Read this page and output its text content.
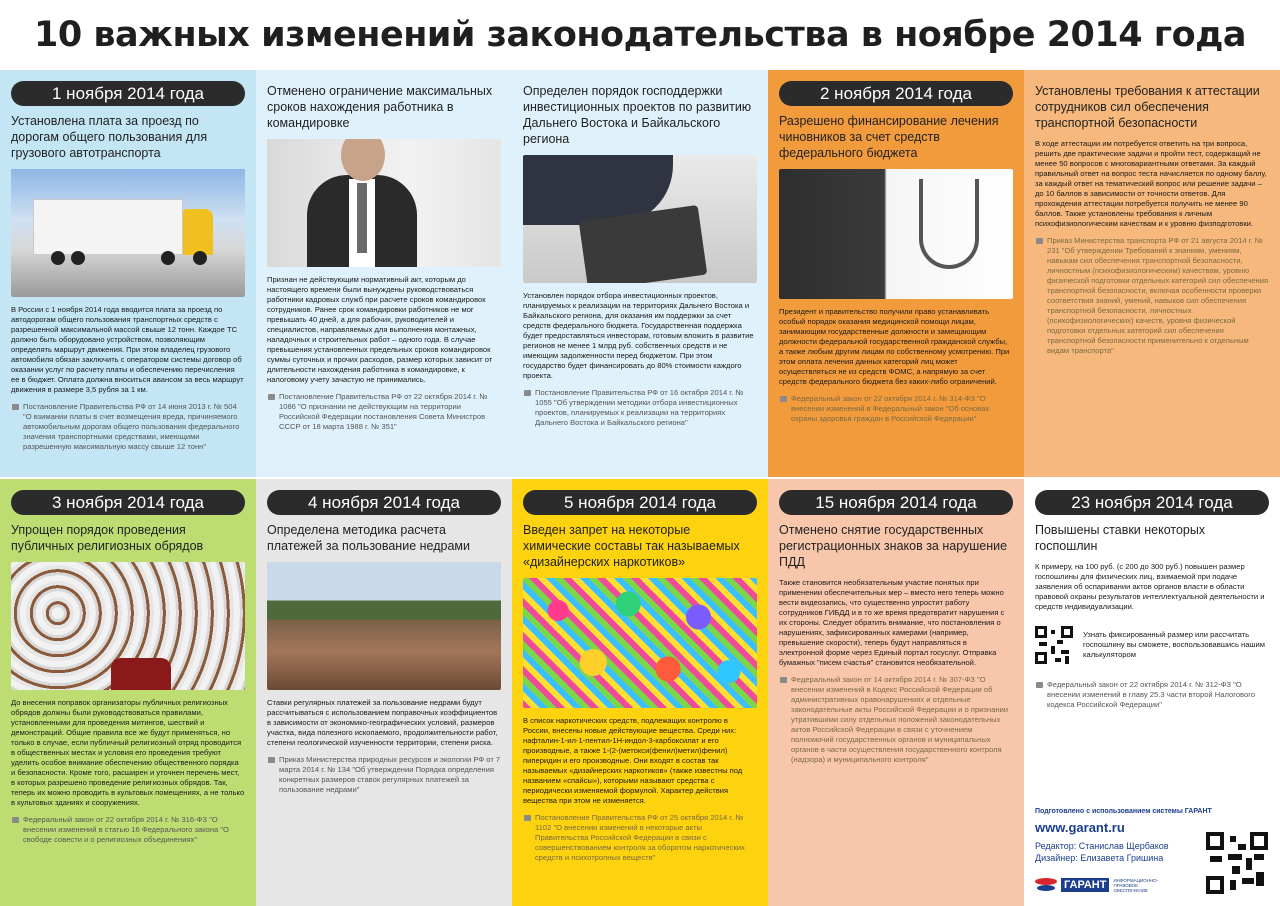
10 важных изменений законодательства в ноябре 2014 года
1 ноября 2014 года
Установлена плата за проезд по дорогам общего пользования для грузового автотранспорта
В России с 1 ноября 2014 года вводится плата за проезд по автодорогам общего пользования транспортных средств с разрешенной максимальной массой свыше 12 тонн. Каждое ТС должно быть оборудовано устройством, позволяющим определять маршрут движения. При этом владелец грузового автомобиля обязан заключить с оператором системы договор об оказании услуг по расчету платы и обеспечению перечисления ее в бюджет. Оплата должна вноситься авансом за весь маршрут движения в размере 3,5 рубля за 1 км.
Постановление Правительства РФ от 14 июня 2013 г. № 504 "О взимании платы в счет возмещения вреда, причиняемого автомобильным дорогам общего пользования федерального значения транспортными средствами, имеющими разрешенную максимальную массу свыше 12 тонн"
Отменено ограничение максимальных сроков нахождения работника в командировке
Признан не действующим нормативный акт, которым до настоящего времени были вынуждены руководствоваться работники кадровых служб при расчете сроков командировок сотрудников. Ранее срок командировки работников не мог превышать 40 дней, а для рабочих, руководителей и специалистов, направляемых для выполнения монтажных, наладочных и строительных работ – одного года. В случае превышения установленных предельных сроков командировок суммы суточных и прочих расходов, размер которых зависит от длительности нахождения работника в командировке, к налоговому учету зачастую не принимались.
Постановление Правительства РФ от 22 октября 2014 г. № 1086 "О признании не действующим на территории Российской Федерации постановления Совета Министров СССР от 18 марта 1988 г. № 351"
Определен порядок господдержки инвестиционных проектов по развитию Дальнего Востока и Байкальского региона
Установлен порядок отбора инвестиционных проектов, планируемых к реализации на территориях Дальнего Востока и Байкальского региона, для оказания им поддержки за счет средств федерального бюджета. Государственная поддержка будет предоставляться инвесторам, готовым вложить в развитие регионов не менее 1 млрд руб. собственных средств и не имеющим задолженности перед бюджетом. При этом государство будет финансировать до 80% стоимости каждого проекта.
Постановление Правительства РФ от 16 октября 2014 г. № 1055 "Об утверждении методики отбора инвестиционных проектов, планируемых к реализации на территориях Дальнего Востока и Байкальского региона"
2 ноября 2014 года
Разрешено финансирование лечения чиновников за счет средств федерального бюджета
Президент и правительство получили право устанавливать особый порядок оказания медицинской помощи лицам, занимающим государственные должности и замещающим должности федеральной государственной гражданской службы, а также любым другим лицам по собственному усмотрению. При этом оплата лечения данных категорий лиц может осуществляться не из средств ФОМС, а напрямую за счет средств федерального бюджета без каких-либо ограничений.
Федеральный закон от 22 октября 2014 г. № 314-ФЗ "О внесении изменений в Федеральный закон "Об основах охраны здоровья граждан в Российской Федерации"
Установлены требования к аттестации сотрудников сил обеспечения транспортной безопасности
В ходе аттестации им потребуется ответить на три вопроса, решить две практические задачи и пройти тест, содержащий не менее 50 вопросов с многовариантными ответами. За каждый правильный ответ на вопрос теста начисляется по одному баллу, за каждый ответ на тематический вопрос или решение задачи – до 10 баллов в зависимости от точности ответов. Для прохождения аттестации потребуется получить не менее 90 баллов. Также установлены требования к личным психофизиологическим качествам и к уровню физподготовки.
Приказ Министерства транспорта РФ от 21 августа 2014 г. № 231 "Об утверждении Требований к знаниям, умениям, навыкам сил обеспечения транспортной безопасности, личностным (психофизиологическим) качествам, уровню физической подготовки отдельных категорий сил обеспечения транспортной безопасности, включая особенности проверки соответствия знаний, умений, навыков сил обеспечения транспортной безопасности, личностных (психофизиологических) качеств, уровня физической подготовки отдельных категорий сил обеспечения транспортной безопасности применительно к отдельным видам транспорта"
3 ноября 2014 года
Упрощен порядок проведения публичных религиозных обрядов
До внесения поправок организаторы публичных религиозных обрядов должны были руководствоваться правилами, установленными для проведения митингов, шествий и демонстраций. Общие правила все же будут применяться, но только в случае, если публичный религиозный отряд проводится в общественных местах и условия его проведения требуют уделить особое внимание обеспечению общественного порядка и безопасности. Кроме того, расширен и уточнен перечень мест, в которых разрешено проведение религиозных обрядов. Так, теперь их можно проводить в культовых помещениях, а не только в культовых зданиях и сооружениях.
Федеральный закон от 22 октября 2014 г. № 316-ФЗ "О внесении изменений в статью 16 Федерального закона "О свободе совести и о религиозных объединениях"
4 ноября 2014 года
Определена методика расчета платежей за пользование недрами
Ставки регулярных платежей за пользование недрами будут рассчитываться с использованием поправочных коэффициентов в зависимости от экономико-географических условий, размеров участка, вида полезного ископаемого, продолжительности работ, степени геологической изученности территории, степени риска.
Приказ Министерства природных ресурсов и экологии РФ от 7 марта 2014 г. № 134 "Об утверждении Порядка определения конкретных размеров ставок регулярных платежей за пользование недрами"
5 ноября 2014 года
Введен запрет на некоторые химические составы так называемых «дизайнерских наркотиков»
В список наркотических средств, подлежащих контролю в России, внесены новые действующие вещества. Среди них: нафталин-1-ил-1-пентил-1Н-индол-3-карбоксилат и его производные, а также 1-(2-(метокси(фенил)метил)фенил) пиперидин и его производные. Они входят в состав так называемых «дизайнерских наркотиков» (также известны под названием «спайсы»), которыми называют средства с периодически изменяемой формулой. Характер действия вещества при этом не изменяется.
Постановление Правительства РФ от 25 октября 2014 г. № 1102 "О внесении изменений в некоторые акты Правительства Российской Федерации в связи с совершенствованием контроля за оборотом наркотических средств и психотропных веществ"
15 ноября 2014 года
Отменено снятие государственных регистрационных знаков за нарушение ПДД
Также становится необязательным участие понятых при применении обеспечительных мер – вместо него теперь можно вести видеозапись, что существенно упростит работу сотрудников ГИБДД и в то же время предотвратит нарушения с их стороны. Следует обратить внимание, что постановления о нарушениях, зафиксированных камерами (например, превышение скорости), теперь будут направляться в электронной форме через Единый портал госуслуг. Отправка бумажных "писем счастья" становится необязательной.
Федеральный закон от 14 октября 2014 г. № 307-ФЗ "О внесении изменений в Кодекс Российской Федерации об административных правонарушениях и отдельные законодательные акты Российской Федерации и о признании утратившими силу отдельных положений законодательных актов Российской Федерации в связи с уточнением полномочий государственных органов и муниципальных органов в части осуществления государственного контроля (надзора) и муниципального контроля"
23 ноября 2014 года
Повышены ставки некоторых госпошлин
К примеру, на 100 руб. (с 200 до 300 руб.) повышен размер госпошлины для физических лиц, взимаемой при подаче заявления об оспаривании актов органов власти в области правовой охраны результатов интеллектуальной деятельности и средств индивидуализации.
Узнать фиксированный размер или рассчитать госпошлину вы сможете, воспользовавшись нашим калькулятором
Федеральный закон от 22 октября 2014 г. № 312-ФЗ "О внесении изменений в главу 25.3 части второй Налогового кодекса Российской Федерации"
Подготовлено с использованием системы ГАРАНТ
www.garant.ru
Редактор: Станислав Щербаков
Дизайнер: Елизавета Гришина
ГАРАНТ	ИНФОРМАЦИОННО-ПРАВОВОЕ ОБЕСПЕЧЕНИЕ
